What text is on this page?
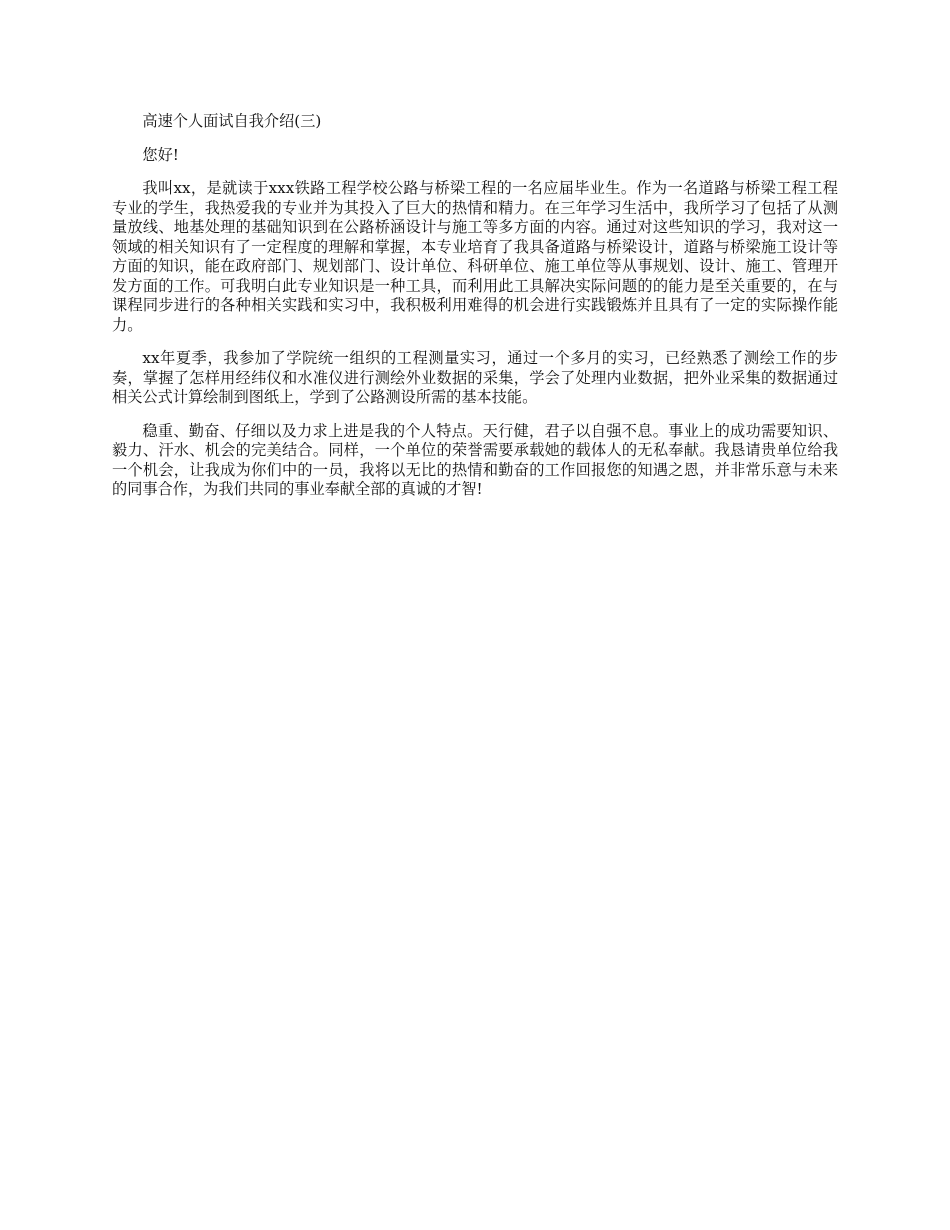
高速个人面试自我介绍(三)

您好!

我叫xx，是就读于xxx铁路工程学校公路与桥梁工程的一名应届毕业生。作为一名道路与桥梁工程工程专业的学生，我热爱我的专业并为其投入了巨大的热情和精力。在三年学习生活中，我所学习了包括了从测量放线、地基处理的基础知识到在公路桥涵设计与施工等多方面的内容。通过对这些知识的学习，我对这一领域的相关知识有了一定程度的理解和掌握，本专业培育了我具备道路与桥梁设计，道路与桥梁施工设计等方面的知识，能在政府部门、规划部门、设计单位、科研单位、施工单位等从事规划、设计、施工、管理开发方面的工作。可我明白此专业知识是一种工具，而利用此工具解决实际问题的的能力是至关重要的，在与课程同步进行的各种相关实践和实习中，我积极利用难得的机会进行实践锻炼并且具有了一定的实际操作能力。

xx年夏季，我参加了学院统一组织的工程测量实习，通过一个多月的实习，已经熟悉了测绘工作的步奏，掌握了怎样用经纬仪和水准仪进行测绘外业数据的采集，学会了处理内业数据，把外业采集的数据通过相关公式计算绘制到图纸上，学到了公路测设所需的基本技能。

稳重、勤奋、仔细以及力求上进是我的个人特点。天行健，君子以自强不息。事业上的成功需要知识、毅力、汗水、机会的完美结合。同样，一个单位的荣誉需要承载她的载体人的无私奉献。我恳请贵单位给我一个机会，让我成为你们中的一员，我将以无比的热情和勤奋的工作回报您的知遇之恩，并非常乐意与未来的同事合作，为我们共同的事业奉献全部的真诚的才智!
